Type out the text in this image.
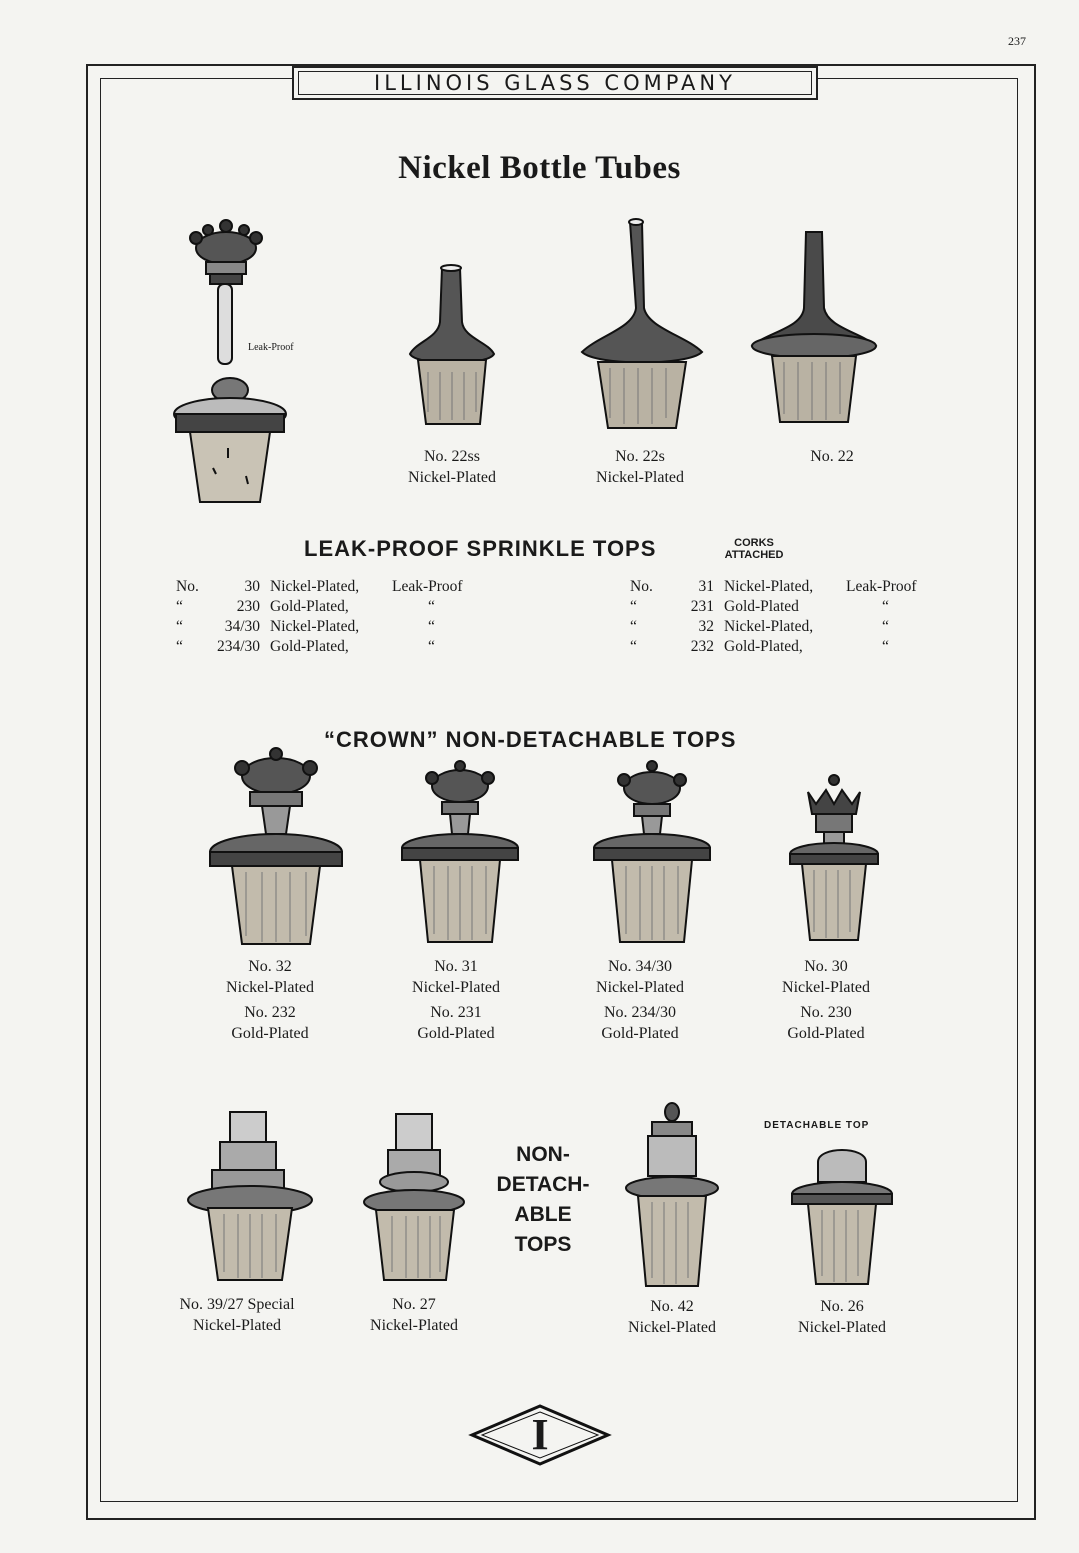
237
ILLINOIS GLASS COMPANY
Nickel Bottle Tubes
Leak-Proof
No. 22ss
Nickel-Plated
No. 22s
Nickel-Plated
No. 22
LEAK-PROOF SPRINKLE TOPS	CORKS
ATTACHED
No.	30	Nickel-Plated,	Leak-Proof
“	230	Gold-Plated,	“
“	34/30	Nickel-Plated,	“
“	234/30	Gold-Plated,	“
No.	31	Nickel-Plated,	Leak-Proof
“	231	Gold-Plated	“
“	32	Nickel-Plated,	“
“	232	Gold-Plated,	“
“CROWN” NON-DETACHABLE TOPS
No. 32
Nickel-Plated
No. 232
Gold-Plated
No. 31
Nickel-Plated
No. 231
Gold-Plated
No. 34/30
Nickel-Plated
No. 234/30
Gold-Plated
No. 30
Nickel-Plated
No. 230
Gold-Plated
NON-
DETACH-
ABLE
TOPS
DETACHABLE TOP
No. 39/27 Special
Nickel-Plated
No. 27
Nickel-Plated
No. 42
Nickel-Plated
No. 26
Nickel-Plated
I
